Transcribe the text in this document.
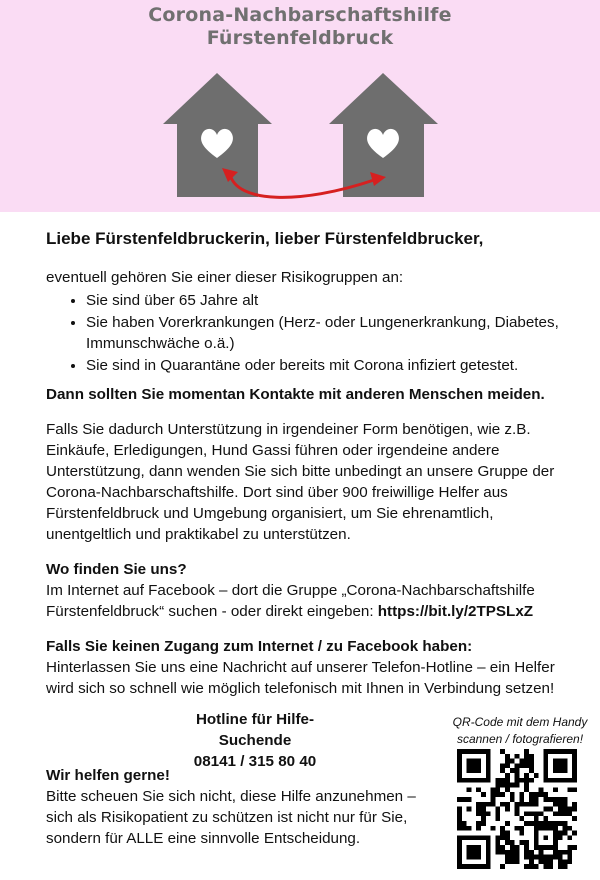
Corona-Nachbarschaftshilfe
Fürstenfeldbruck

Liebe Fürstenfeldbruckerin, lieber Fürstenfeldbrucker,

eventuell gehören Sie einer dieser Risikogruppen an:

• Sie sind über 65 Jahre alt
• Sie haben Vorerkrankungen (Herz- oder Lungenerkrankung, Diabetes, Immunschwäche o.ä.)
• Sie sind in Quarantäne oder bereits mit Corona infiziert getestet.

Dann sollten Sie momentan Kontakte mit anderen Menschen meiden.

Falls Sie dadurch Unterstützung in irgendeiner Form benötigen, wie z.B. Einkäufe, Erledigungen, Hund Gassi führen oder irgendeine andere Unterstützung, dann wenden Sie sich bitte unbedingt an unsere Gruppe der Corona-Nachbarschaftshilfe. Dort sind über 900 freiwillige Helfer aus Fürstenfeldbruck und Umgebung organisiert, um Sie ehrenamtlich, unentgeltlich und praktikabel zu unterstützen.

Wo finden Sie uns?

Im Internet auf Facebook – dort die Gruppe „Corona-Nachbarschaftshilfe Fürstenfeldbruck“ suchen - oder direkt eingeben: https://bit.ly/2TPSLxZ

Falls Sie keinen Zugang zum Internet / zu Facebook haben:

Hinterlassen Sie uns eine Nachricht auf unserer Telefon-Hotline – ein Helfer wird sich so schnell wie möglich telefonisch mit Ihnen in Verbindung setzen!

Hotline für Hilfe-Suchende
08141 / 315 80 40

Wir helfen gerne!

Bitte scheuen Sie sich nicht, diese Hilfe anzunehmen – sich als Risikopatient zu schützen ist nicht nur für Sie, sondern für ALLE eine sinnvolle Entscheidung.

QR-Code mit dem Handy
scannen / fotografieren!
